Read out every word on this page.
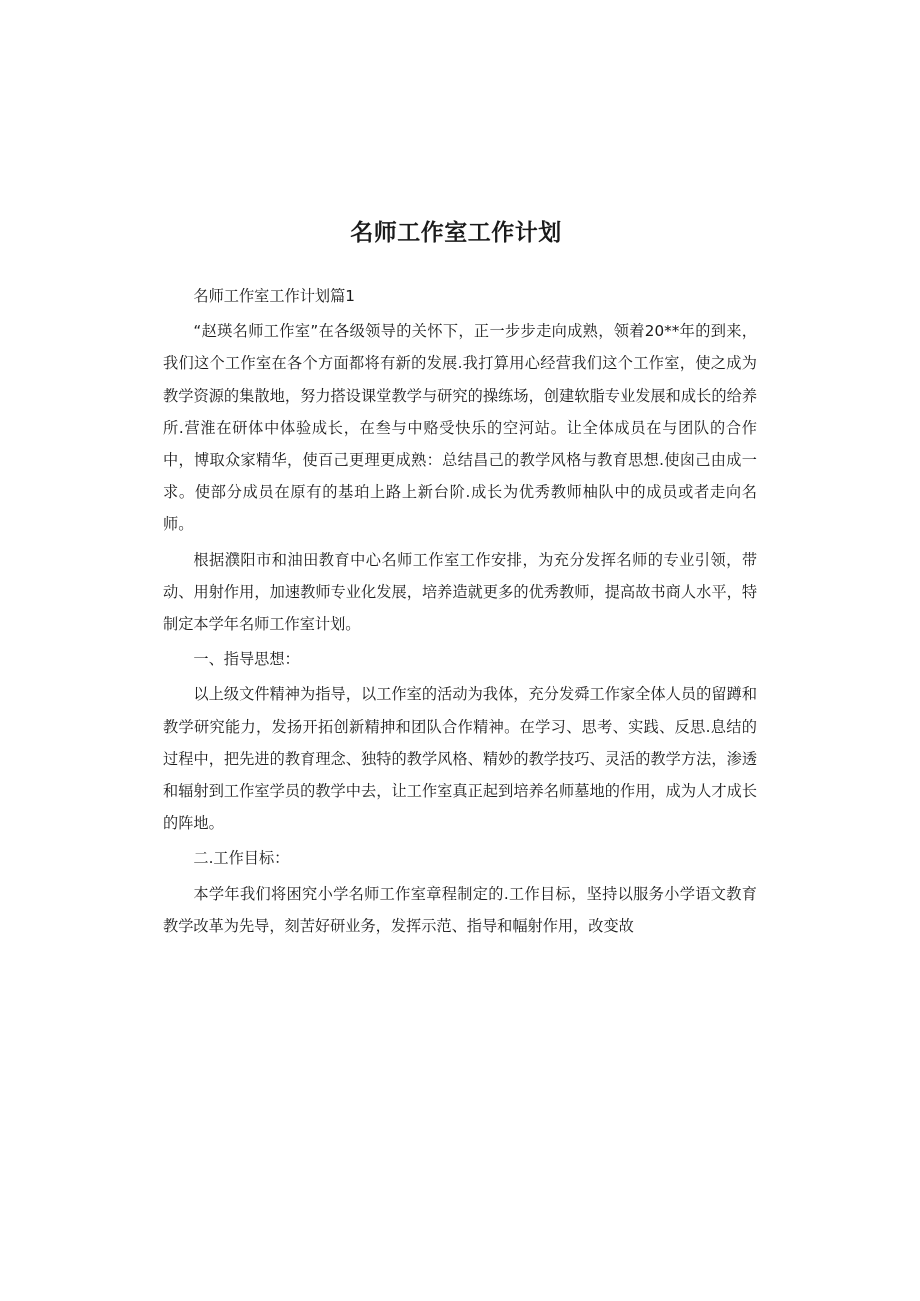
名师工作室工作计划

名师工作室工作计划篇1

“赵瑛名师工作室”在各级领导的关怀下，正一步步走向成熟，领着20**年的到来，我们这个工作室在各个方面都将有新的发展.我打算用心经营我们这个工作室，使之成为教学资源的集散地，努力搭设课堂教学与研究的操练场，创建软脂专业发展和成长的给养所.营淮在研体中体验成长，在叁与中赂受快乐的空河站。让全体成员在与团队的合作中，博取众家精华，使百己更理更成熟：总结昌己的教学风格与教育思想.使囱己由成一求。使部分成员在原有的基珀上路上新台阶.成长为优秀教师柚队中的成员或者走向名师。

根据濮阳市和油田教育中心名师工作室工作安排，为充分发挥名师的专业引领，带动、用射作用，加速教师专业化发展，培养造就更多的优秀教师，提高故书商人水平，特制定本学年名师工作室计划。

一、指导思想：

以上级文件精神为指导，以工作室的活动为我体，充分发舜工作家全体人员的留蹲和教学研究能力，发扬开拓创新精抻和团队合作精神。在学习、思考、实践、反思.息结的过程中，把先进的教育理念、独特的教学风格、精妙的教学技巧、灵活的教学方法，渗透和辐射到工作室学员的教学中去，让工作室真正起到培养名师墓地的作用，成为人才成长的阵地。

二.工作目标：

本学年我们将困究小学名师工作室章程制定的.工作目标，坚持以服务小学语文教育教学改革为先导，刻苦好研业务，发挥示范、指导和幅射作用，改变故
